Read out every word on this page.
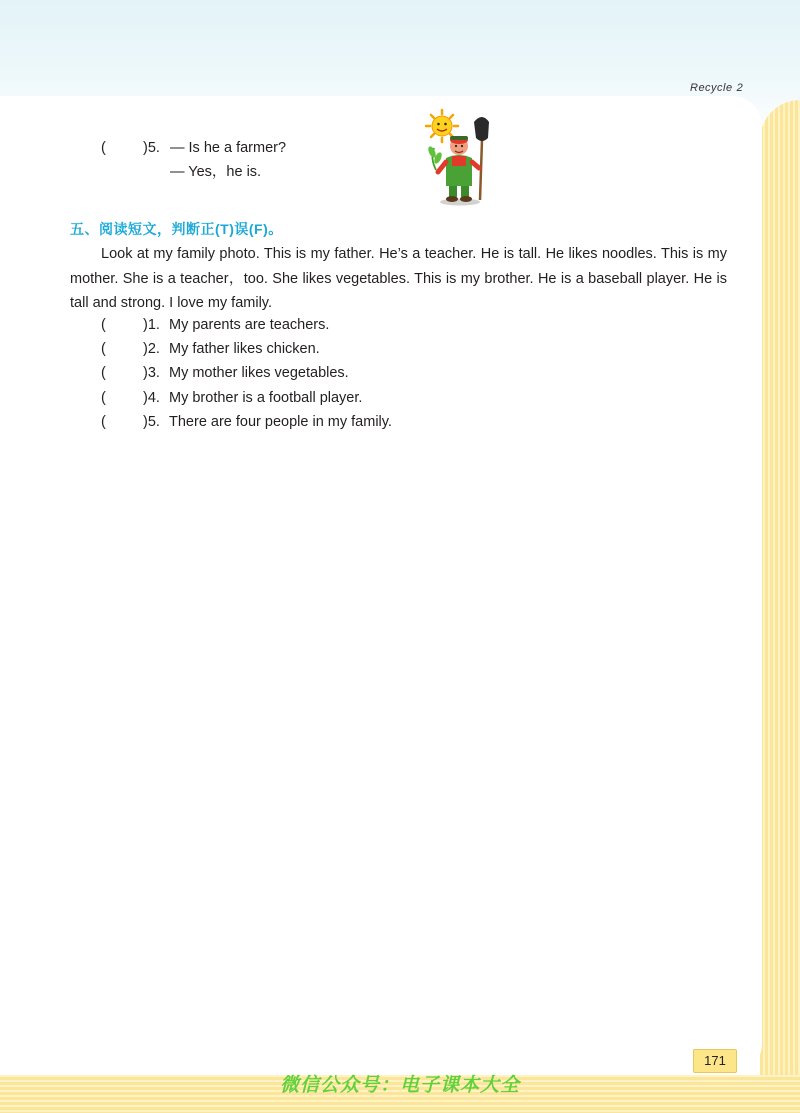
Recycle 2
(	)5. — Is he a farmer?
— Yes，he is.
五、阅读短文，判断正(T)误(F)。
Look at my family photo. This is my father. He’s a teacher. He is tall. He likes noodles. This is my mother. She is a teacher，too. She likes vegetables. This is my brother. He is a baseball player. He is tall and strong. I love my family.
(	)1. My parents are teachers.
(	)2. My father likes chicken.
(	)3. My mother likes vegetables.
(	)4. My brother is a football player.
(	)5. There are four people in my family.
171
微信公众号：电子课本大全
